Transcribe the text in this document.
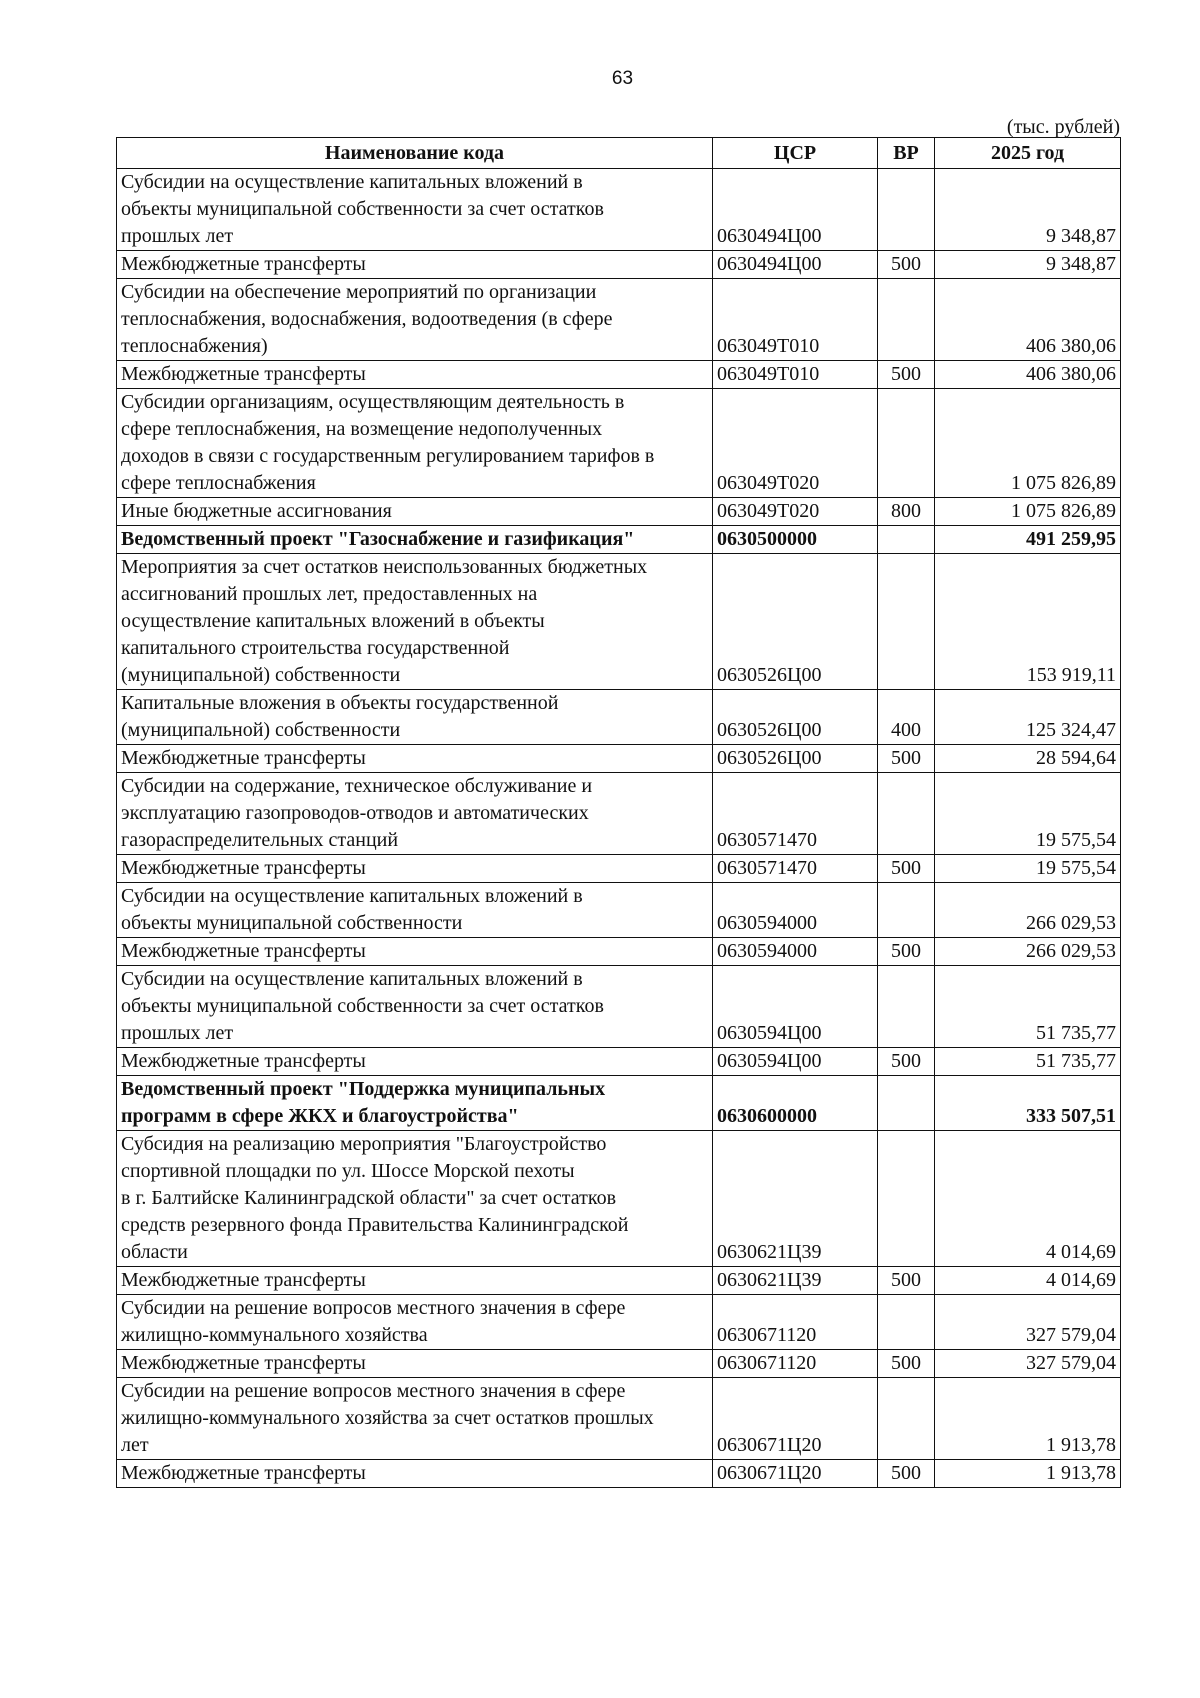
63
(тыс. рублей)
Наименование кода	ЦСР	ВР	2025 год
Субсидии на осуществление капитальных вложений в
объекты муниципальной собственности за счет остатков
прошлых лет	0630494Ц00		9 348,87
Межбюджетные трансферты	0630494Ц00	500	9 348,87
Субсидии на обеспечение мероприятий по организации
теплоснабжения, водоснабжения, водоотведения (в сфере
теплоснабжения)	063049Т010		406 380,06
Межбюджетные трансферты	063049Т010	500	406 380,06
Субсидии организациям, осуществляющим деятельность в
сфере теплоснабжения, на возмещение недополученных
доходов в связи с государственным регулированием тарифов в
сфере теплоснабжения	063049Т020		1 075 826,89
Иные бюджетные ассигнования	063049Т020	800	1 075 826,89
Ведомственный проект "Газоснабжение и газификация"	0630500000		491 259,95
Мероприятия за счет остатков неиспользованных бюджетных
ассигнований прошлых лет, предоставленных на
осуществление капитальных вложений в объекты
капитального строительства государственной
(муниципальной) собственности	0630526Ц00		153 919,11
Капитальные вложения в объекты государственной
(муниципальной) собственности	0630526Ц00	400	125 324,47
Межбюджетные трансферты	0630526Ц00	500	28 594,64
Субсидии на содержание, техническое обслуживание и
эксплуатацию газопроводов-отводов и автоматических
газораспределительных станций	0630571470		19 575,54
Межбюджетные трансферты	0630571470	500	19 575,54
Субсидии на осуществление капитальных вложений в
объекты муниципальной собственности	0630594000		266 029,53
Межбюджетные трансферты	0630594000	500	266 029,53
Субсидии на осуществление капитальных вложений в
объекты муниципальной собственности за счет остатков
прошлых лет	0630594Ц00		51 735,77
Межбюджетные трансферты	0630594Ц00	500	51 735,77
Ведомственный проект "Поддержка муниципальных
программ в сфере ЖКХ и благоустройства"	0630600000		333 507,51
Субсидия на реализацию мероприятия "Благоустройство
спортивной площадки по ул. Шоссе Морской пехоты
в г. Балтийске Калининградской области" за счет остатков
средств резервного фонда Правительства Калининградской
области	0630621Ц39		4 014,69
Межбюджетные трансферты	0630621Ц39	500	4 014,69
Субсидии на решение вопросов местного значения в сфере
жилищно-коммунального хозяйства	0630671120		327 579,04
Межбюджетные трансферты	0630671120	500	327 579,04
Субсидии на решение вопросов местного значения в сфере
жилищно-коммунального хозяйства за счет остатков прошлых
лет	0630671Ц20		1 913,78
Межбюджетные трансферты	0630671Ц20	500	1 913,78
